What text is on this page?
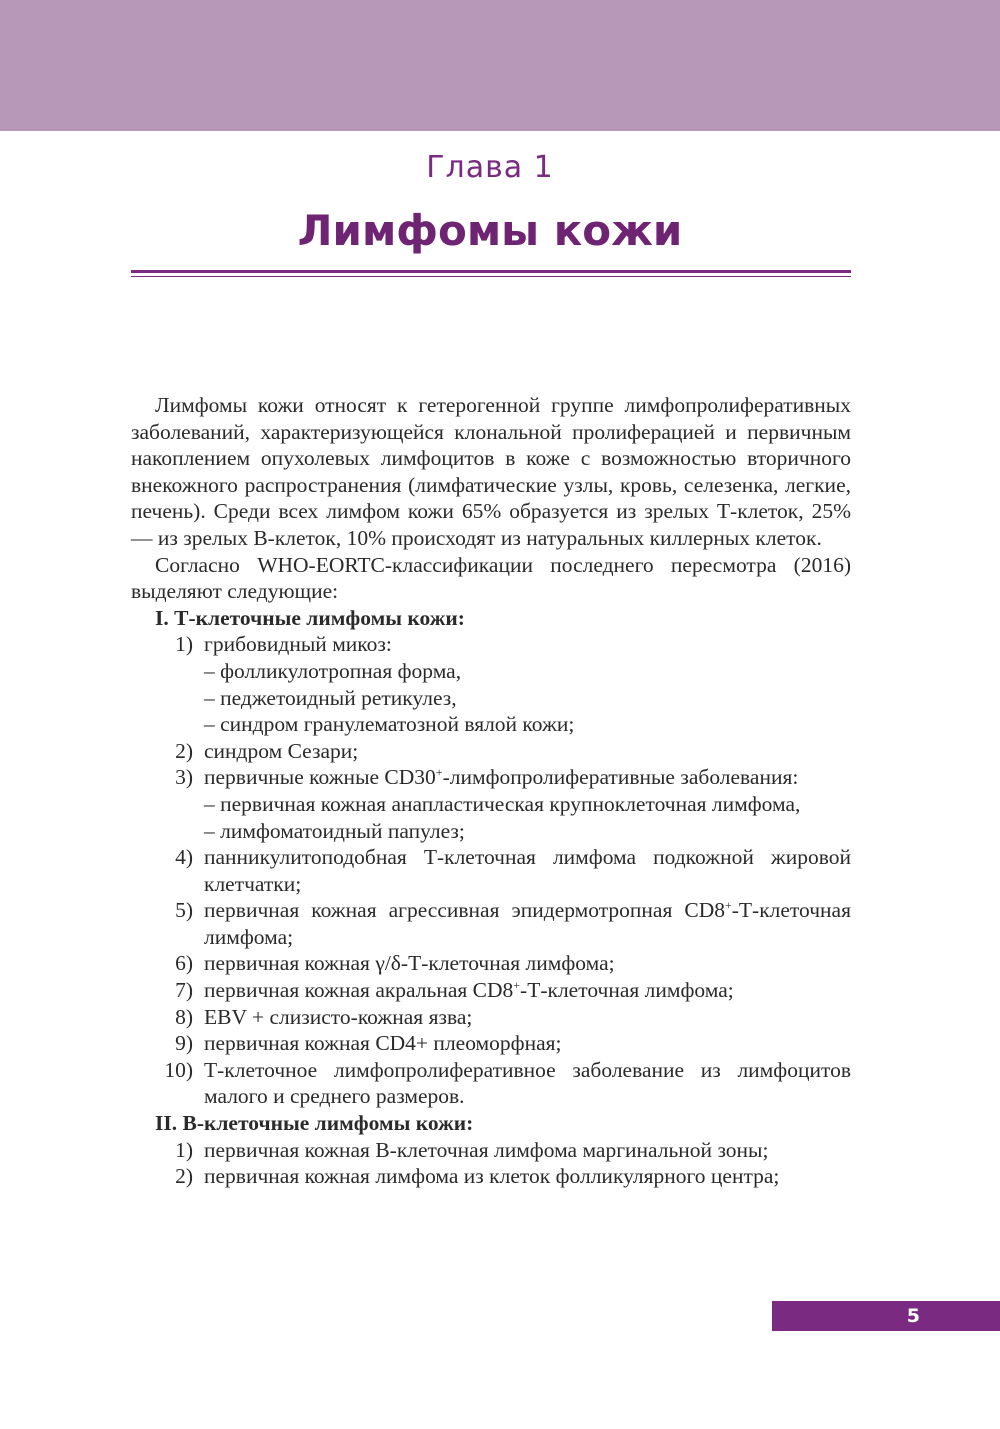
Глава 1
Лимфомы кожи

Лимфомы кожи относят к гетерогенной группе лимфопролиферативных заболеваний, характеризующейся клональной пролиферацией и первичным накоплением опухолевых лимфоцитов в коже с возможностью вторичного внекожного распространения (лимфатические узлы, кровь, селезенка, легкие, печень). Среди всех лимфом кожи 65% образуется из зрелых Т-клеток, 25% — из зрелых В-клеток, 10% происходят из натуральных киллерных клеток.

Согласно WHO-EORTC-классификации последнего пересмотра (2016) выделяют следующие:

I. Т-клеточные лимфомы кожи:
1) грибовидный микоз:
– фолликулотропная форма,
– педжетоидный ретикулез,
– синдром гранулематозной вялой кожи;
2) синдром Сезари;
3) первичные кожные CD30+-лимфопролиферативные заболевания:
– первичная кожная анапластическая крупноклеточная лимфома,
– лимфоматоидный папулез;
4) панникулитоподобная Т-клеточная лимфома подкожной жировой клетчатки;
5) первичная кожная агрессивная эпидермотропная CD8+-Т-клеточная лимфома;
6) первичная кожная γ/δ-Т-клеточная лимфома;
7) первичная кожная акральная CD8+-Т-клеточная лимфома;
8) EBV + слизисто-кожная язва;
9) первичная кожная CD4+ плеоморфная;
10) Т-клеточное лимфопролиферативное заболевание из лимфоцитов малого и среднего размеров.
II. В-клеточные лимфомы кожи:
1) первичная кожная В-клеточная лимфома маргинальной зоны;
2) первичная кожная лимфома из клеток фолликулярного центра;
5
